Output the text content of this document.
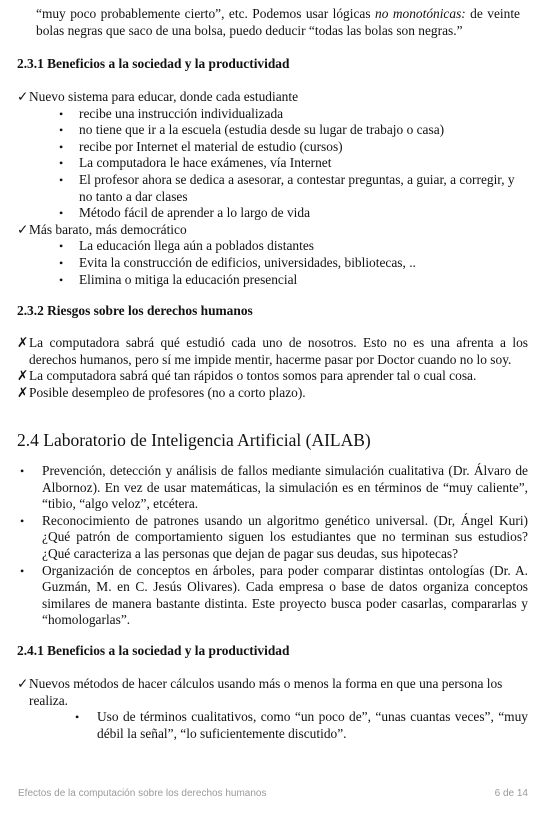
“muy poco probablemente cierto”, etc. Podemos usar lógicas no monotónicas: de veinte bolas negras que saco de una bolsa, puedo deducir “todas las bolas son negras.”
2.3.1 Beneficios a la sociedad y la productividad
✓ Nuevo sistema para educar, donde cada estudiante
•
recibe una instrucción individualizada
•
no tiene que ir a la escuela (estudia desde su lugar de trabajo o casa)
•
recibe por Internet el material de estudio (cursos)
•
La computadora le hace exámenes, vía Internet
•
El profesor ahora se dedica a asesorar, a contestar preguntas, a guiar, a corregir, y no tanto a dar clases
•
Método fácil de aprender a lo largo de vida
✓ Más barato, más democrático
•
La educación llega aún a poblados distantes
•
Evita la construcción de edificios, universidades, bibliotecas, ..
•
Elimina o mitiga la educación presencial
2.3.2 Riesgos sobre los derechos humanos
✗ La computadora sabrá qué estudió cada uno de nosotros. Esto no es una afrenta a los derechos humanos, pero sí me impide mentir, hacerme pasar por Doctor cuando no lo soy.
✗ La computadora sabrá qué tan rápidos o tontos somos para aprender tal o cual cosa.
✗ Posible desempleo de profesores (no a corto plazo).
2.4 Laboratorio de Inteligencia Artificial (AILAB)
•
Prevención, detección y análisis de fallos mediante simulación cualitativa (Dr. Álvaro de Albornoz). En vez de usar matemáticas, la simulación es en términos de “muy caliente”, “tibio, “algo veloz”, etcétera.
•
Reconocimiento de patrones usando un algoritmo genético universal. (Dr, Ángel Kuri) ¿Qué patrón de comportamiento siguen los estudiantes que no terminan sus estudios? ¿Qué caracteriza a las personas que dejan de pagar sus deudas, sus hipotecas?
•
Organización de conceptos en árboles, para poder comparar distintas ontologías (Dr. A. Guzmán, M. en C. Jesús Olivares). Cada empresa o base de datos organiza conceptos similares de manera bastante distinta. Este proyecto busca poder casarlas, compararlas y “homologarlas”.
2.4.1 Beneficios a la sociedad y la productividad
✓ Nuevos métodos de hacer cálculos usando más o menos la forma en que una persona los realiza.
•
Uso de términos cualitativos, como “un poco de”, “unas cuantas veces”, “muy débil la señal”, “lo suficientemente discutido”.
Efectos de la computación sobre los derechos humanos	6 de 14
